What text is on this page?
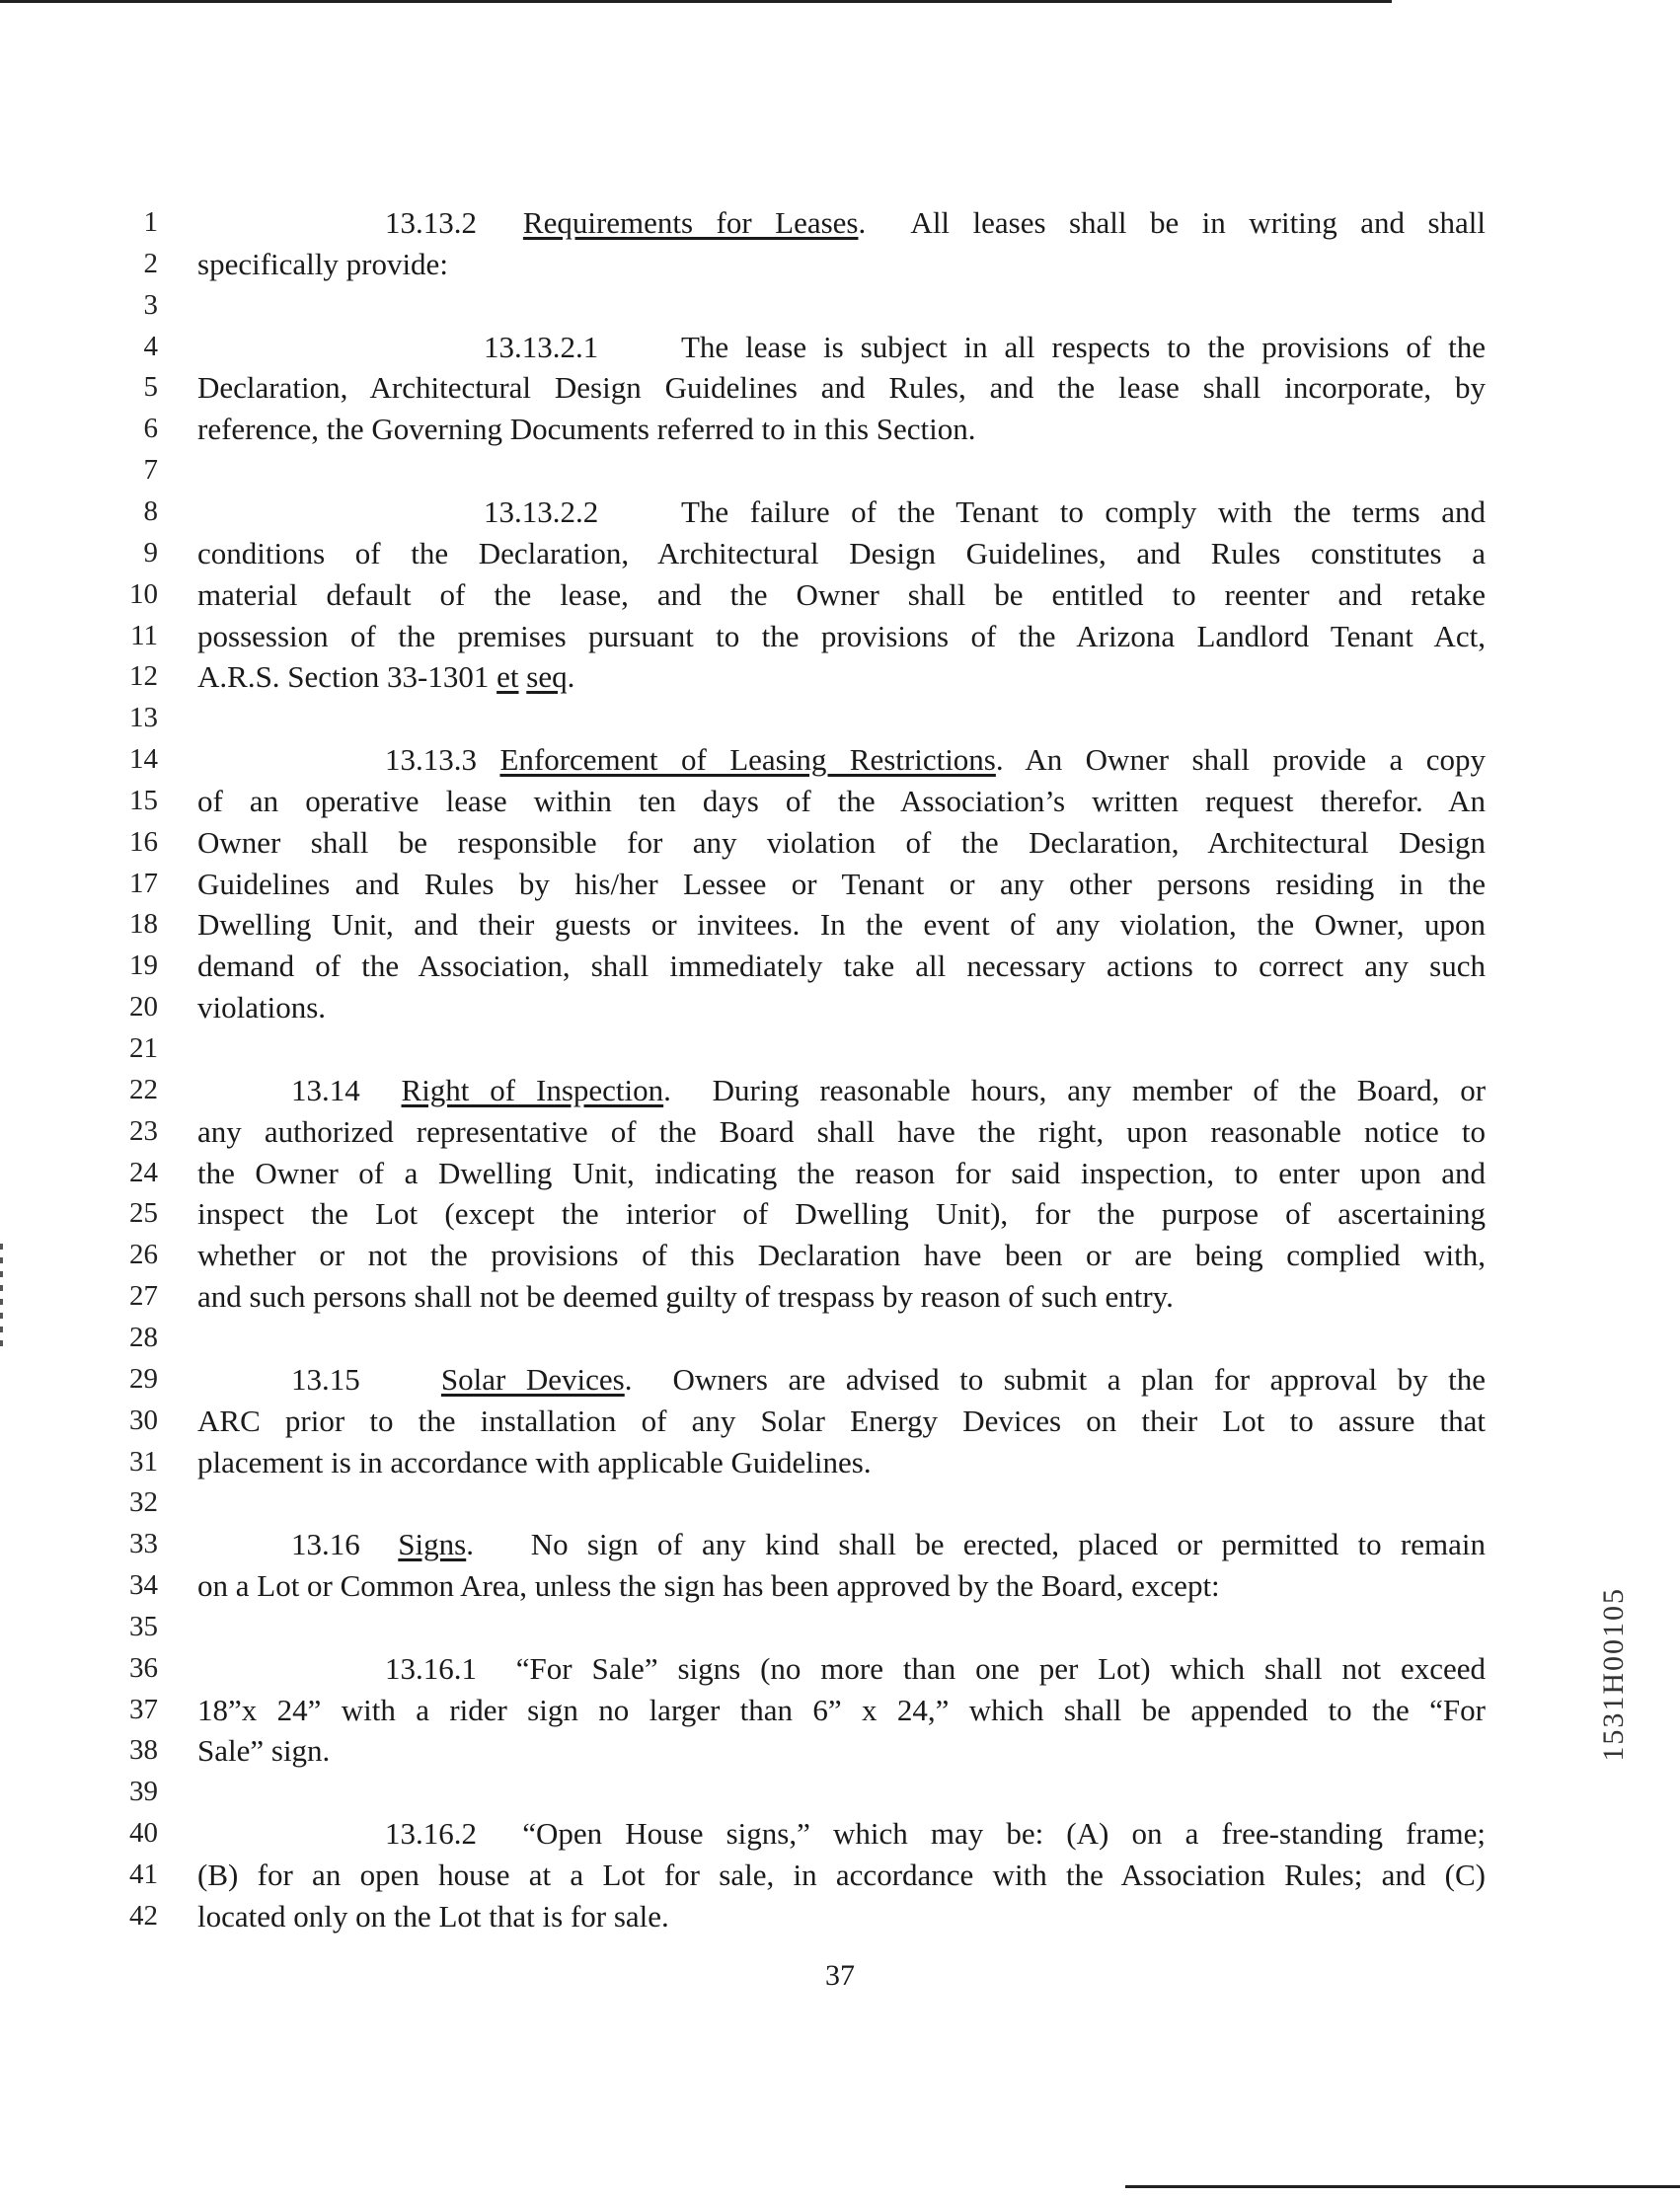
1	13.13.2  Requirements for Leases.  All leases shall be in writing and shall
2 specifically provide:
3
4	13.13.2.1	The lease is subject in all respects to the provisions of the
5 Declaration, Architectural Design Guidelines and Rules, and the lease shall incorporate, by
6 reference, the Governing Documents referred to in this Section.
7
8	13.13.2.2	The failure of the Tenant to comply with the terms and
9 conditions of the Declaration, Architectural Design Guidelines, and Rules constitutes a
10 material default of the lease, and the Owner shall be entitled to reenter and retake
11 possession of the premises pursuant to the provisions of the Arizona Landlord Tenant Act,
12 A.R.S. Section 33-1301 et seq.
13
14	13.13.3 Enforcement of Leasing Restrictions. An Owner shall provide a copy
15 of an operative lease within ten days of the Association’s written request therefor. An
16 Owner shall be responsible for any violation of the Declaration, Architectural Design
17 Guidelines and Rules by his/her Lessee or Tenant or any other persons residing in the
18 Dwelling Unit, and their guests or invitees. In the event of any violation, the Owner, upon
19 demand of the Association, shall immediately take all necessary actions to correct any such
20 violations.
21
22	13.14  Right of Inspection.  During reasonable hours, any member of the Board, or
23 any authorized representative of the Board shall have the right, upon reasonable notice to
24 the Owner of a Dwelling Unit, indicating the reason for said inspection, to enter upon and
25 inspect the Lot (except the interior of Dwelling Unit), for the purpose of ascertaining
26 whether or not the provisions of this Declaration have been or are being complied with,
27 and such persons shall not be deemed guilty of trespass by reason of such entry.
28
29	13.15    Solar Devices.  Owners are advised to submit a plan for approval by the
30 ARC prior to the installation of any Solar Energy Devices on their Lot to assure that
31 placement is in accordance with applicable Guidelines.
32
33	13.16  Signs.   No sign of any kind shall be erected, placed or permitted to remain
34 on a Lot or Common Area, unless the sign has been approved by the Board, except:
35
36	13.16.1  “For Sale” signs (no more than one per Lot) which shall not exceed
37 18”x 24” with a rider sign no larger than 6” x 24,” which shall be appended to the “For
38 Sale” sign.
39
40	13.16.2  “Open House signs,” which may be: (A) on a free-standing frame;
41 (B) for an open house at a Lot for sale, in accordance with the Association Rules; and (C)
42 located only on the Lot that is for sale.
37
1531H00105
